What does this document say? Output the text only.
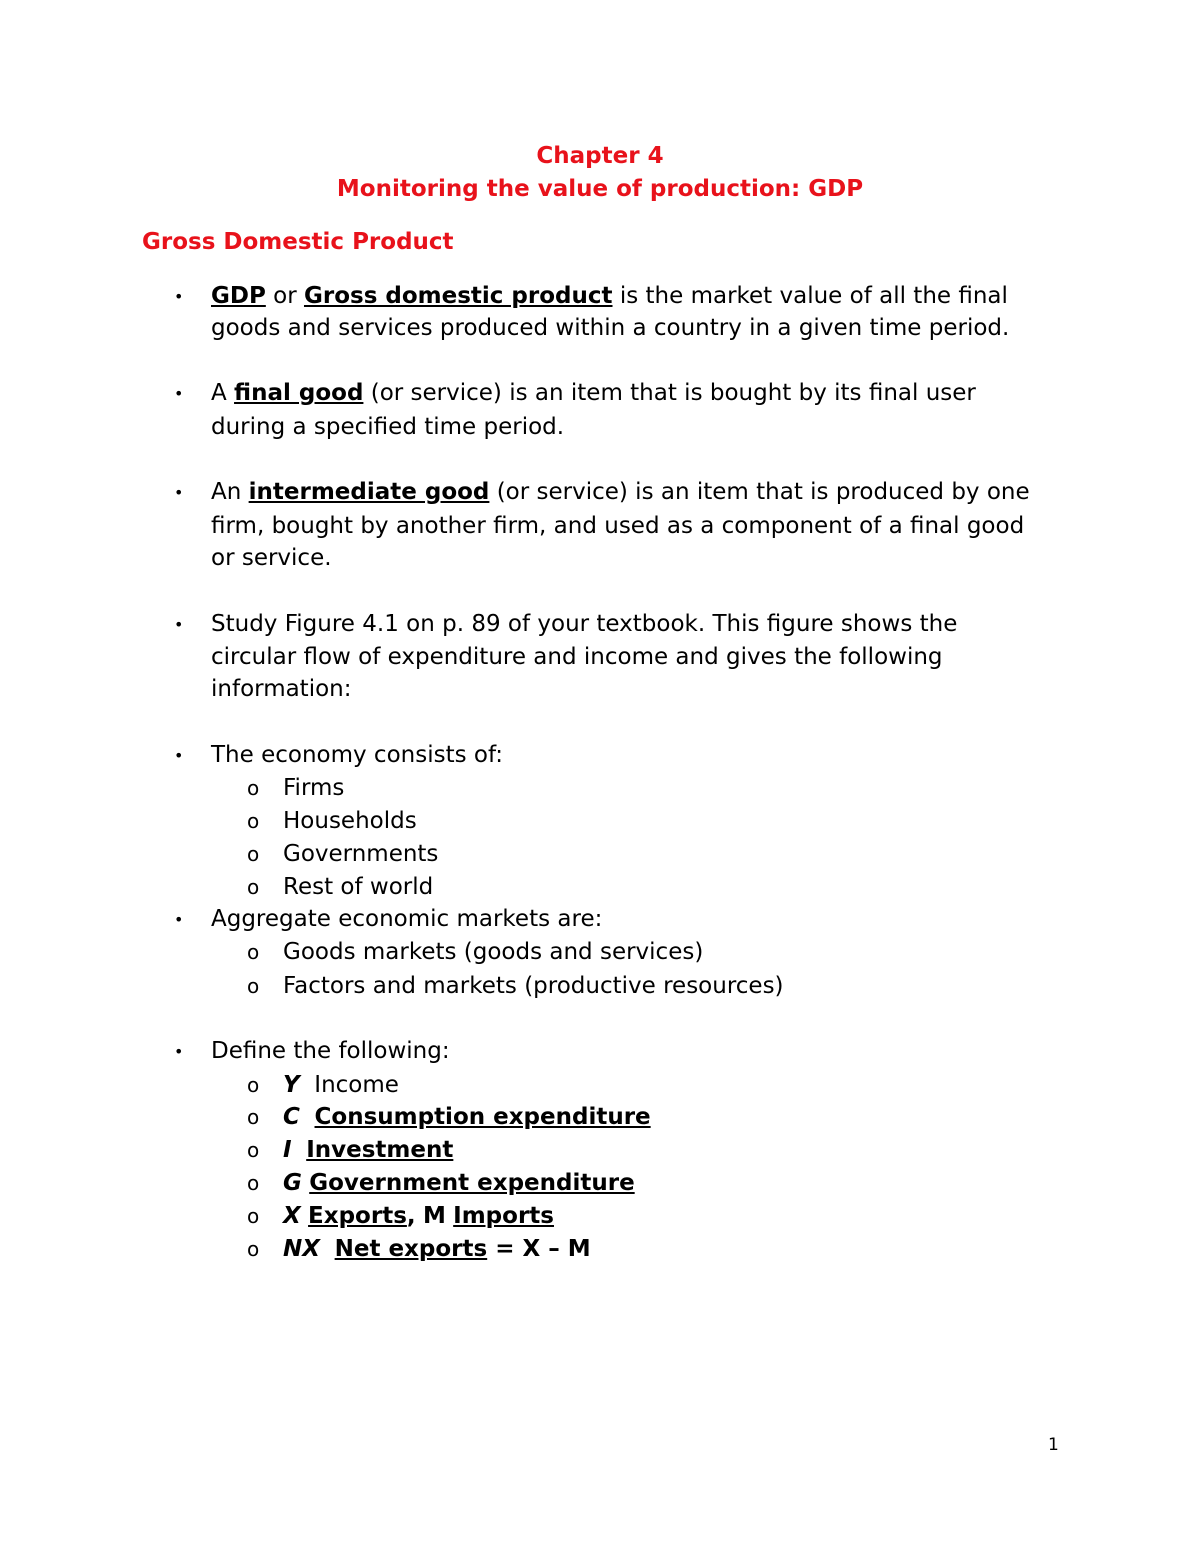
Chapter 4
Monitoring the value of production: GDP
Gross Domestic Product
• GDP or Gross domestic product is the market value of all the final
goods and services produced within a country in a given time period.
• A final good (or service) is an item that is bought by its final user
during a specified time period.
• An intermediate good (or service) is an item that is produced by one
firm, bought by another firm, and used as a component of a final good
or service.
• Study Figure 4.1 on p. 89 of your textbook. This figure shows the
circular flow of expenditure and income and gives the following
information:
• The economy consists of:
o Firms
o Households
o Governments
o Rest of world
• Aggregate economic markets are:
o Goods markets (goods and services)
o Factors and markets (productive resources)
• Define the following:
o Y Income
o C Consumption expenditure
o I Investment
o G Government expenditure
o X Exports, M Imports
o NX Net exports = X – M
1
